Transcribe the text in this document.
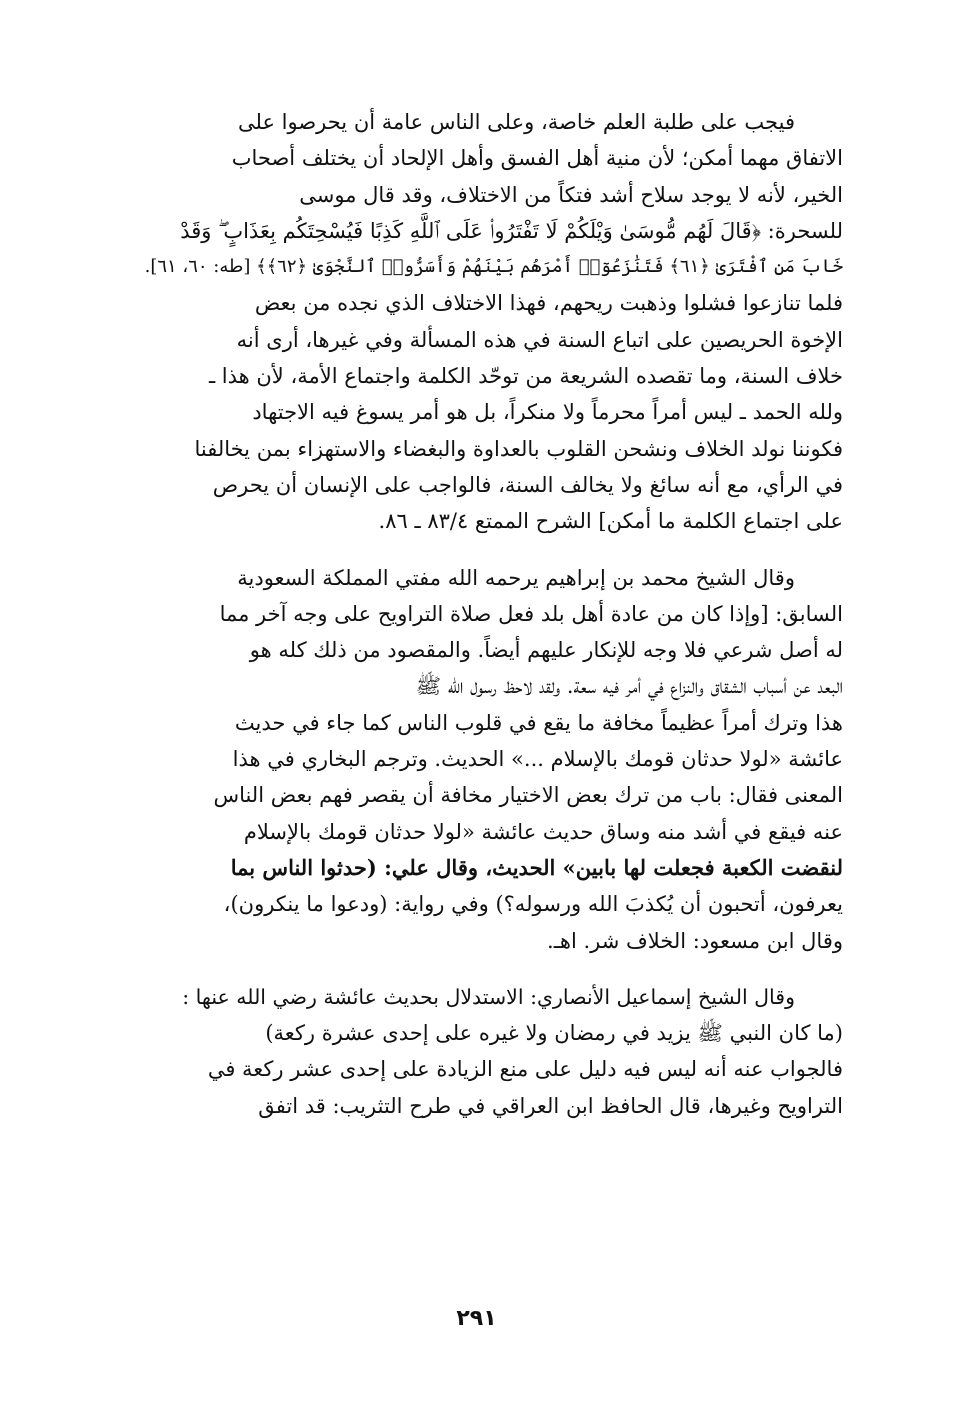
فيجب على طلبة العلم خاصة، وعلى الناس عامة أن يحرصوا على
الاتفاق مهما أمكن؛ لأن منية أهل الفسق وأهل الإلحاد أن يختلف أصحاب
الخير، لأنه لا يوجد سلاح أشد فتكاً من الاختلاف، وقد قال موسى
للسحرة: ﴿قَالَ لَهُم مُّوسَىٰ وَيْلَكُمْ لَا تَفْتَرُوا۟ عَلَى ٱللَّهِ كَذِبًا فَيُسْحِتَكُم بِعَذَابٍ ۖ وَقَدْ
خَابَ مَنِ ٱفْتَرَىٰ ﴿٦١﴾ فَتَنَٰزَعُوٓا۟ أَمْرَهُم بَيْنَهُمْ وَأَسَرُّوا۟ ٱلنَّجْوَىٰ ﴿٦٢﴾﴾ [طه: ٦٠، ٦١].
فلما تنازعوا فشلوا وذهبت ريحهم، فهذا الاختلاف الذي نجده من بعض
الإخوة الحريصين على اتباع السنة في هذه المسألة وفي غيرها، أرى أنه
خلاف السنة، وما تقصده الشريعة من توحّد الكلمة واجتماع الأمة، لأن هذا ـ
ولله الحمد ـ ليس أمراً محرماً ولا منكراً، بل هو أمر يسوغ فيه الاجتهاد
فكوننا نولد الخلاف ونشحن القلوب بالعداوة والبغضاء والاستهزاء بمن يخالفنا
في الرأي، مع أنه سائغ ولا يخالف السنة، فالواجب على الإنسان أن يحرص
على اجتماع الكلمة ما أمكن] الشرح الممتع ٨٣/٤ ـ ٨٦.

وقال الشيخ محمد بن إبراهيم يرحمه الله مفتي المملكة السعودية
السابق: [وإذا كان من عادة أهل بلد فعل صلاة التراويح على وجه آخر مما
له أصل شرعي فلا وجه للإنكار عليهم أيضاً. والمقصود من ذلك كله هو
البعد عن أسباب الشقاق والنزاع في أمر فيه سعة. ولقد لاحظ رسول الله ﷺ
هذا وترك أمراً عظيماً مخافة ما يقع في قلوب الناس كما جاء في حديث
عائشة «لولا حدثان قومك بالإسلام ...» الحديث. وترجم البخاري في هذا
المعنى فقال: باب من ترك بعض الاختيار مخافة أن يقصر فهم بعض الناس
عنه فيقع في أشد منه وساق حديث عائشة «لولا حدثان قومك بالإسلام
لنقضت الكعبة فجعلت لها بابين» الحديث، وقال علي: (حدثوا الناس بما
يعرفون، أتحبون أن يُكذبَ الله ورسوله؟) وفي رواية: (ودعوا ما ينكرون)،
وقال ابن مسعود: الخلاف شر. اهـ.

وقال الشيخ إسماعيل الأنصاري: الاستدلال بحديث عائشة رضي الله عنها :
(ما كان النبي ﷺ يزيد في رمضان ولا غيره على إحدى عشرة ركعة)
فالجواب عنه أنه ليس فيه دليل على منع الزيادة على إحدى عشر ركعة في
التراويح وغيرها، قال الحافظ ابن العراقي في طرح التثريب: قد اتفق

٢٩١
